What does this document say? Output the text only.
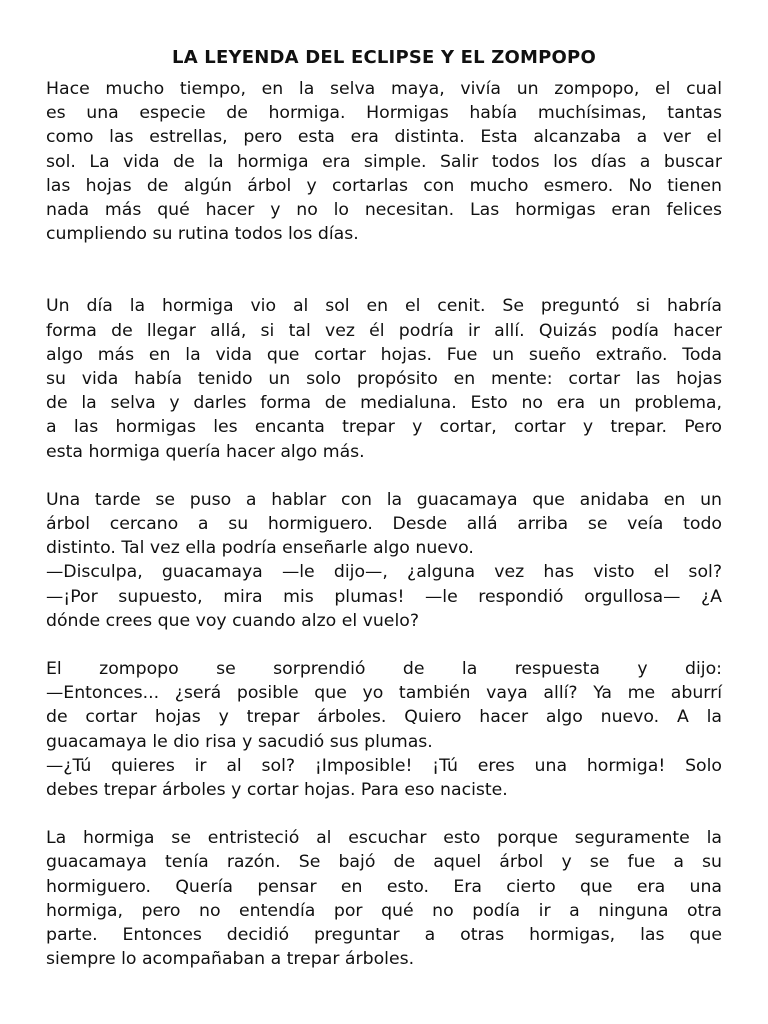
LA LEYENDA DEL ECLIPSE Y EL ZOMPOPO
Hace mucho tiempo, en la selva maya, vivía un zompopo, el cual
es una especie de hormiga. Hormigas había muchísimas, tantas
como las estrellas, pero esta era distinta. Esta alcanzaba a ver el
sol. La vida de la hormiga era simple. Salir todos los días a buscar
las hojas de algún árbol y cortarlas con mucho esmero. No tienen
nada más qué hacer y no lo necesitan. Las hormigas eran felices
cumpliendo su rutina todos los días.
Un día la hormiga vio al sol en el cenit. Se preguntó si habría
forma de llegar allá, si tal vez él podría ir allí. Quizás podía hacer
algo más en la vida que cortar hojas. Fue un sueño extraño. Toda
su vida había tenido un solo propósito en mente: cortar las hojas
de la selva y darles forma de medialuna. Esto no era un problema,
a las hormigas les encanta trepar y cortar, cortar y trepar. Pero
esta hormiga quería hacer algo más.
Una tarde se puso a hablar con la guacamaya que anidaba en un
árbol cercano a su hormiguero. Desde allá arriba se veía todo
distinto. Tal vez ella podría enseñarle algo nuevo.
—Disculpa, guacamaya —le dijo—, ¿alguna vez has visto el sol?
—¡Por supuesto, mira mis plumas! —le respondió orgullosa— ¿A
dónde crees que voy cuando alzo el vuelo?
El zompopo se sorprendió de la respuesta y dijo:
—Entonces... ¿será posible que yo también vaya allí? Ya me aburrí
de cortar hojas y trepar árboles. Quiero hacer algo nuevo. A la
guacamaya le dio risa y sacudió sus plumas.
—¿Tú quieres ir al sol? ¡Imposible! ¡Tú eres una hormiga! Solo
debes trepar árboles y cortar hojas. Para eso naciste.
La hormiga se entristeció al escuchar esto porque seguramente la
guacamaya tenía razón. Se bajó de aquel árbol y se fue a su
hormiguero. Quería pensar en esto. Era cierto que era una
hormiga, pero no entendía por qué no podía ir a ninguna otra
parte. Entonces decidió preguntar a otras hormigas, las que
siempre lo acompañaban a trepar árboles.
